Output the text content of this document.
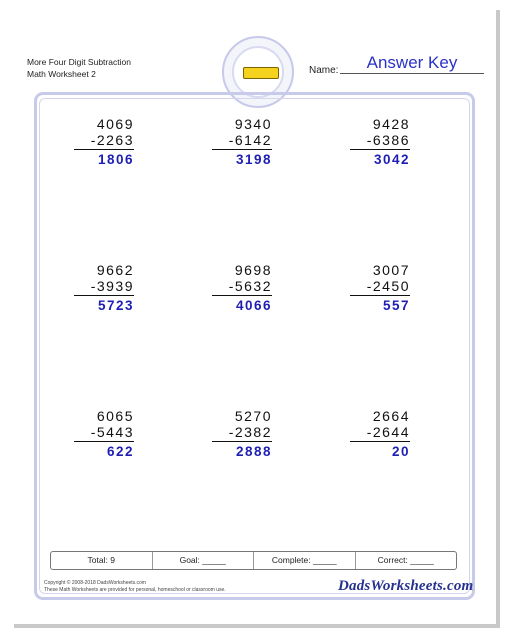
More Four Digit Subtraction
Math Worksheet 2	Name:	Answer Key
4069
-2263
1806
9340
-6142
3198
9428
-6386
3042
9662
-3939
5723
9698
-5632
4066
3007
-2450
557
6065
-5443
622
5270
-2382
2888
2664
-2644
20
Total: 9	Goal: _____	Complete: _____	Correct: _____
Copyright © 2008-2018 DadsWorksheets.com
These Math Worksheets are provided for personal, homeschool or classroom use.	DadsWorksheets.com
